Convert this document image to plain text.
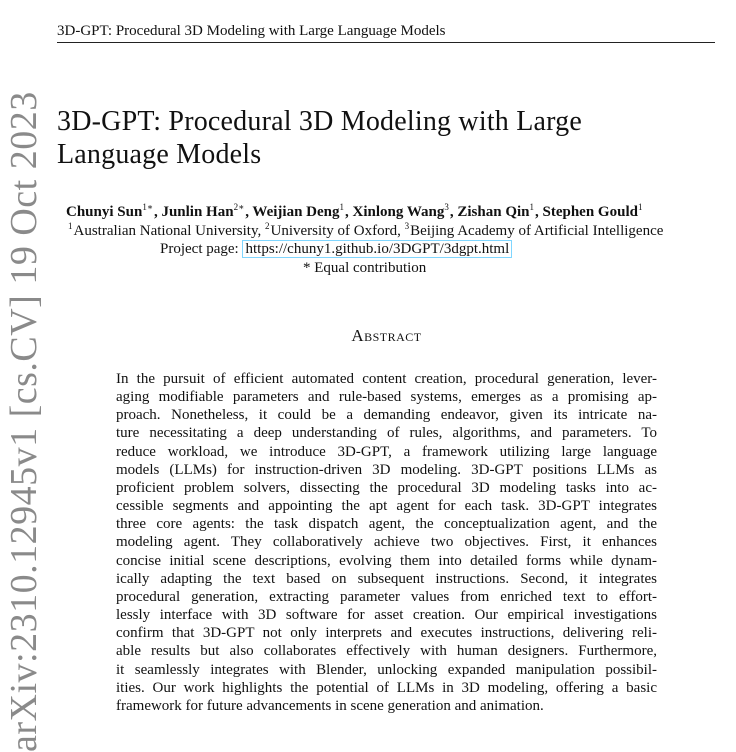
3D-GPT: Procedural 3D Modeling with Large Language Models
3D-GPT: Procedural 3D Modeling with Large
Language Models
Chunyi Sun$^{1∗}$, Junlin Han$^{2∗}$, Weijian Deng$^1$, Xinlong Wang$^3$, Zishan Qin$^1$, Stephen Gould$^1$
$^1$Australian National University, $^2$University of Oxford, $^3$Beijing Academy of Artificial Intelligence
Project page: https://chuny1.github.io/3DGPT/3dgpt.html
* Equal contribution
Abstract
In the pursuit of efficient automated content creation, procedural generation, lever-
aging modifiable parameters and rule-based systems, emerges as a promising ap-
proach. Nonetheless, it could be a demanding endeavor, given its intricate na-
ture necessitating a deep understanding of rules, algorithms, and parameters. To
reduce workload, we introduce 3D-GPT, a framework utilizing large language
models (LLMs) for instruction-driven 3D modeling. 3D-GPT positions LLMs as
proficient problem solvers, dissecting the procedural 3D modeling tasks into ac-
cessible segments and appointing the apt agent for each task. 3D-GPT integrates
three core agents: the task dispatch agent, the conceptualization agent, and the
modeling agent. They collaboratively achieve two objectives. First, it enhances
concise initial scene descriptions, evolving them into detailed forms while dynam-
ically adapting the text based on subsequent instructions. Second, it integrates
procedural generation, extracting parameter values from enriched text to effort-
lessly interface with 3D software for asset creation. Our empirical investigations
confirm that 3D-GPT not only interprets and executes instructions, delivering reli-
able results but also collaborates effectively with human designers. Furthermore,
it seamlessly integrates with Blender, unlocking expanded manipulation possibil-
ities. Our work highlights the potential of LLMs in 3D modeling, offering a basic
framework for future advancements in scene generation and animation.
arXiv:2310.12945v1 [cs.CV] 19 Oct 2023
